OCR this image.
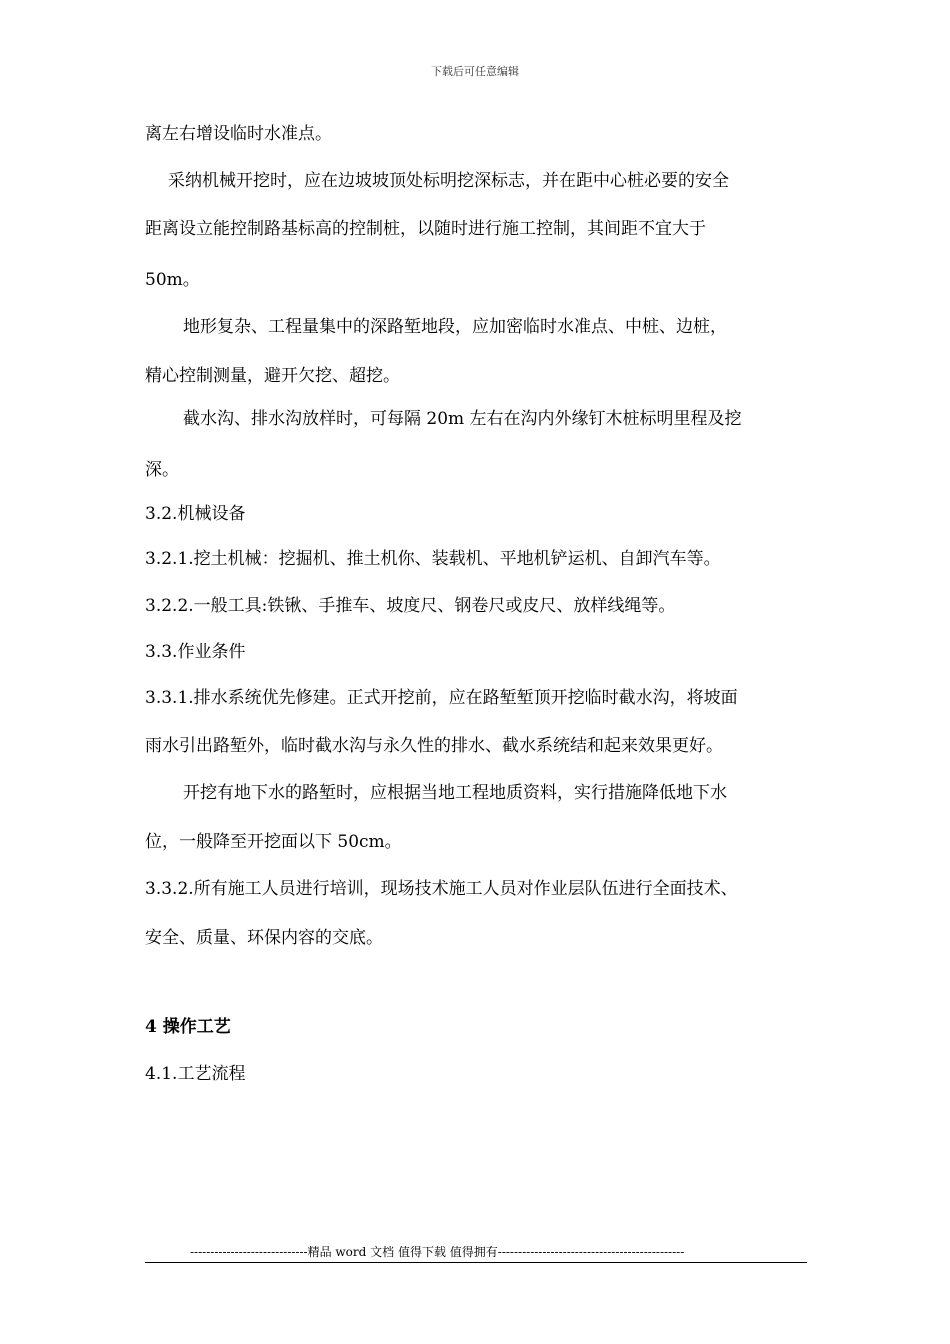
下载后可任意编辑
离左右增设临时水准点。
采纳机械开挖时，应在边坡坡顶处标明挖深标志，并在距中心桩必要的安全
距离设立能控制路基标高的控制桩，以随时进行施工控制，其间距不宜大于
50m。
地形复杂、工程量集中的深路堑地段，应加密临时水准点、中桩、边桩，
精心控制测量，避开欠挖、超挖。
截水沟、排水沟放样时，可每隔 20m 左右在沟内外缘钉木桩标明里程及挖
深。
3.2.机械设备
3.2.1.挖土机械：挖掘机、推土机你、装载机、平地机铲运机、自卸汽车等。
3.2.2.一般工具:铁锹、手推车、坡度尺、钢卷尺或皮尺、放样线绳等。
3.3.作业条件
3.3.1.排水系统优先修建。正式开挖前，应在路堑堑顶开挖临时截水沟，将坡面
雨水引出路堑外，临时截水沟与永久性的排水、截水系统结和起来效果更好。
开挖有地下水的路堑时，应根据当地工程地质资料，实行措施降低地下水
位，一般降至开挖面以下 50cm。
3.3.2.所有施工人员进行培训，现场技术施工人员对作业层队伍进行全面技术、
安全、质量、环保内容的交底。
4 操作工艺
4.1.工艺流程
-----------------------------精品 word 文档 值得下载 值得拥有----------------------------------------------
